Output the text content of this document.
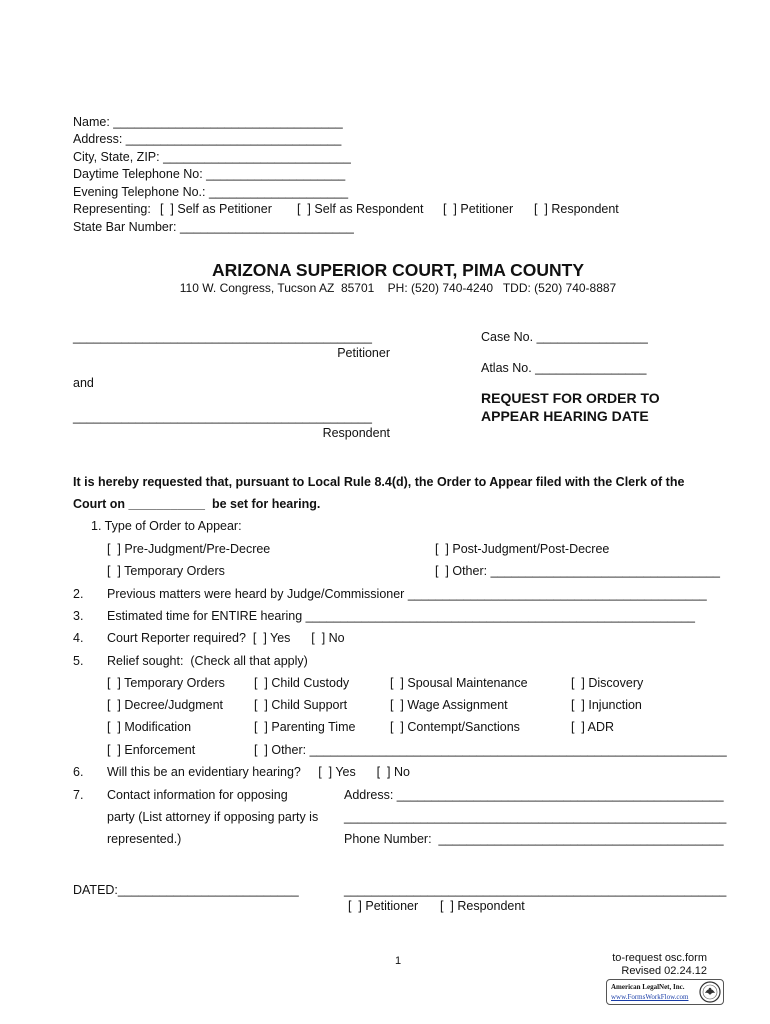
Name: _________________________________
Address: _______________________________
City, State, ZIP: ___________________________
Daytime Telephone No: ____________________
Evening Telephone No.: ____________________
Representing: [  ] Self as Petitioner [  ] Self as Respondent [  ] Petitioner [  ] Respondent
State Bar Number: _________________________
ARIZONA SUPERIOR COURT, PIMA COUNTY
110 W. Congress, Tucson AZ  85701    PH: (520) 740-4240   TDD: (520) 740-8887
___________________________________________
Petitioner
and
___________________________________________
Respondent
Case No. ________________
Atlas No. ________________
REQUEST FOR ORDER TO
APPEAR HEARING DATE
It is hereby requested that, pursuant to Local Rule 8.4(d), the Order to Appear filed with the Clerk of the
Court on ___________  be set for hearing.
1. Type of Order to Appear:
[  ] Pre-Judgment/Pre-Decree	[  ] Post-Judgment/Post-Decree
[  ] Temporary Orders	[  ] Other: _________________________________
2. Previous matters were heard by Judge/Commissioner ___________________________________________
3. Estimated time for ENTIRE hearing ________________________________________________________
4. Court Reporter required?  [  ] Yes      [  ] No
5. Relief sought:  (Check all that apply)
[  ] Temporary Orders [  ] Child Custody	[  ] Spousal Maintenance	[  ] Discovery
[  ] Decree/Judgment [  ] Child Support	[  ] Wage Assignment	[  ] Injunction
[  ] Modification	[  ] Parenting Time	[  ] Contempt/Sanctions	[  ] ADR
[  ] Enforcement	[  ] Other: ____________________________________________________________
6. Will this be an evidentiary hearing?     [  ] Yes      [  ] No
7. Contact information for opposing
party (List attorney if opposing party is
represented.)
Address: _______________________________________________
_______________________________________________________
Phone Number:  _________________________________________
DATED:__________________________	_______________________________________________________
[  ] Petitioner [  ] Respondent
1	to-request osc.form
Revised 02.24.12
American LegalNet, Inc.
www.FormsWorkFlow.com
